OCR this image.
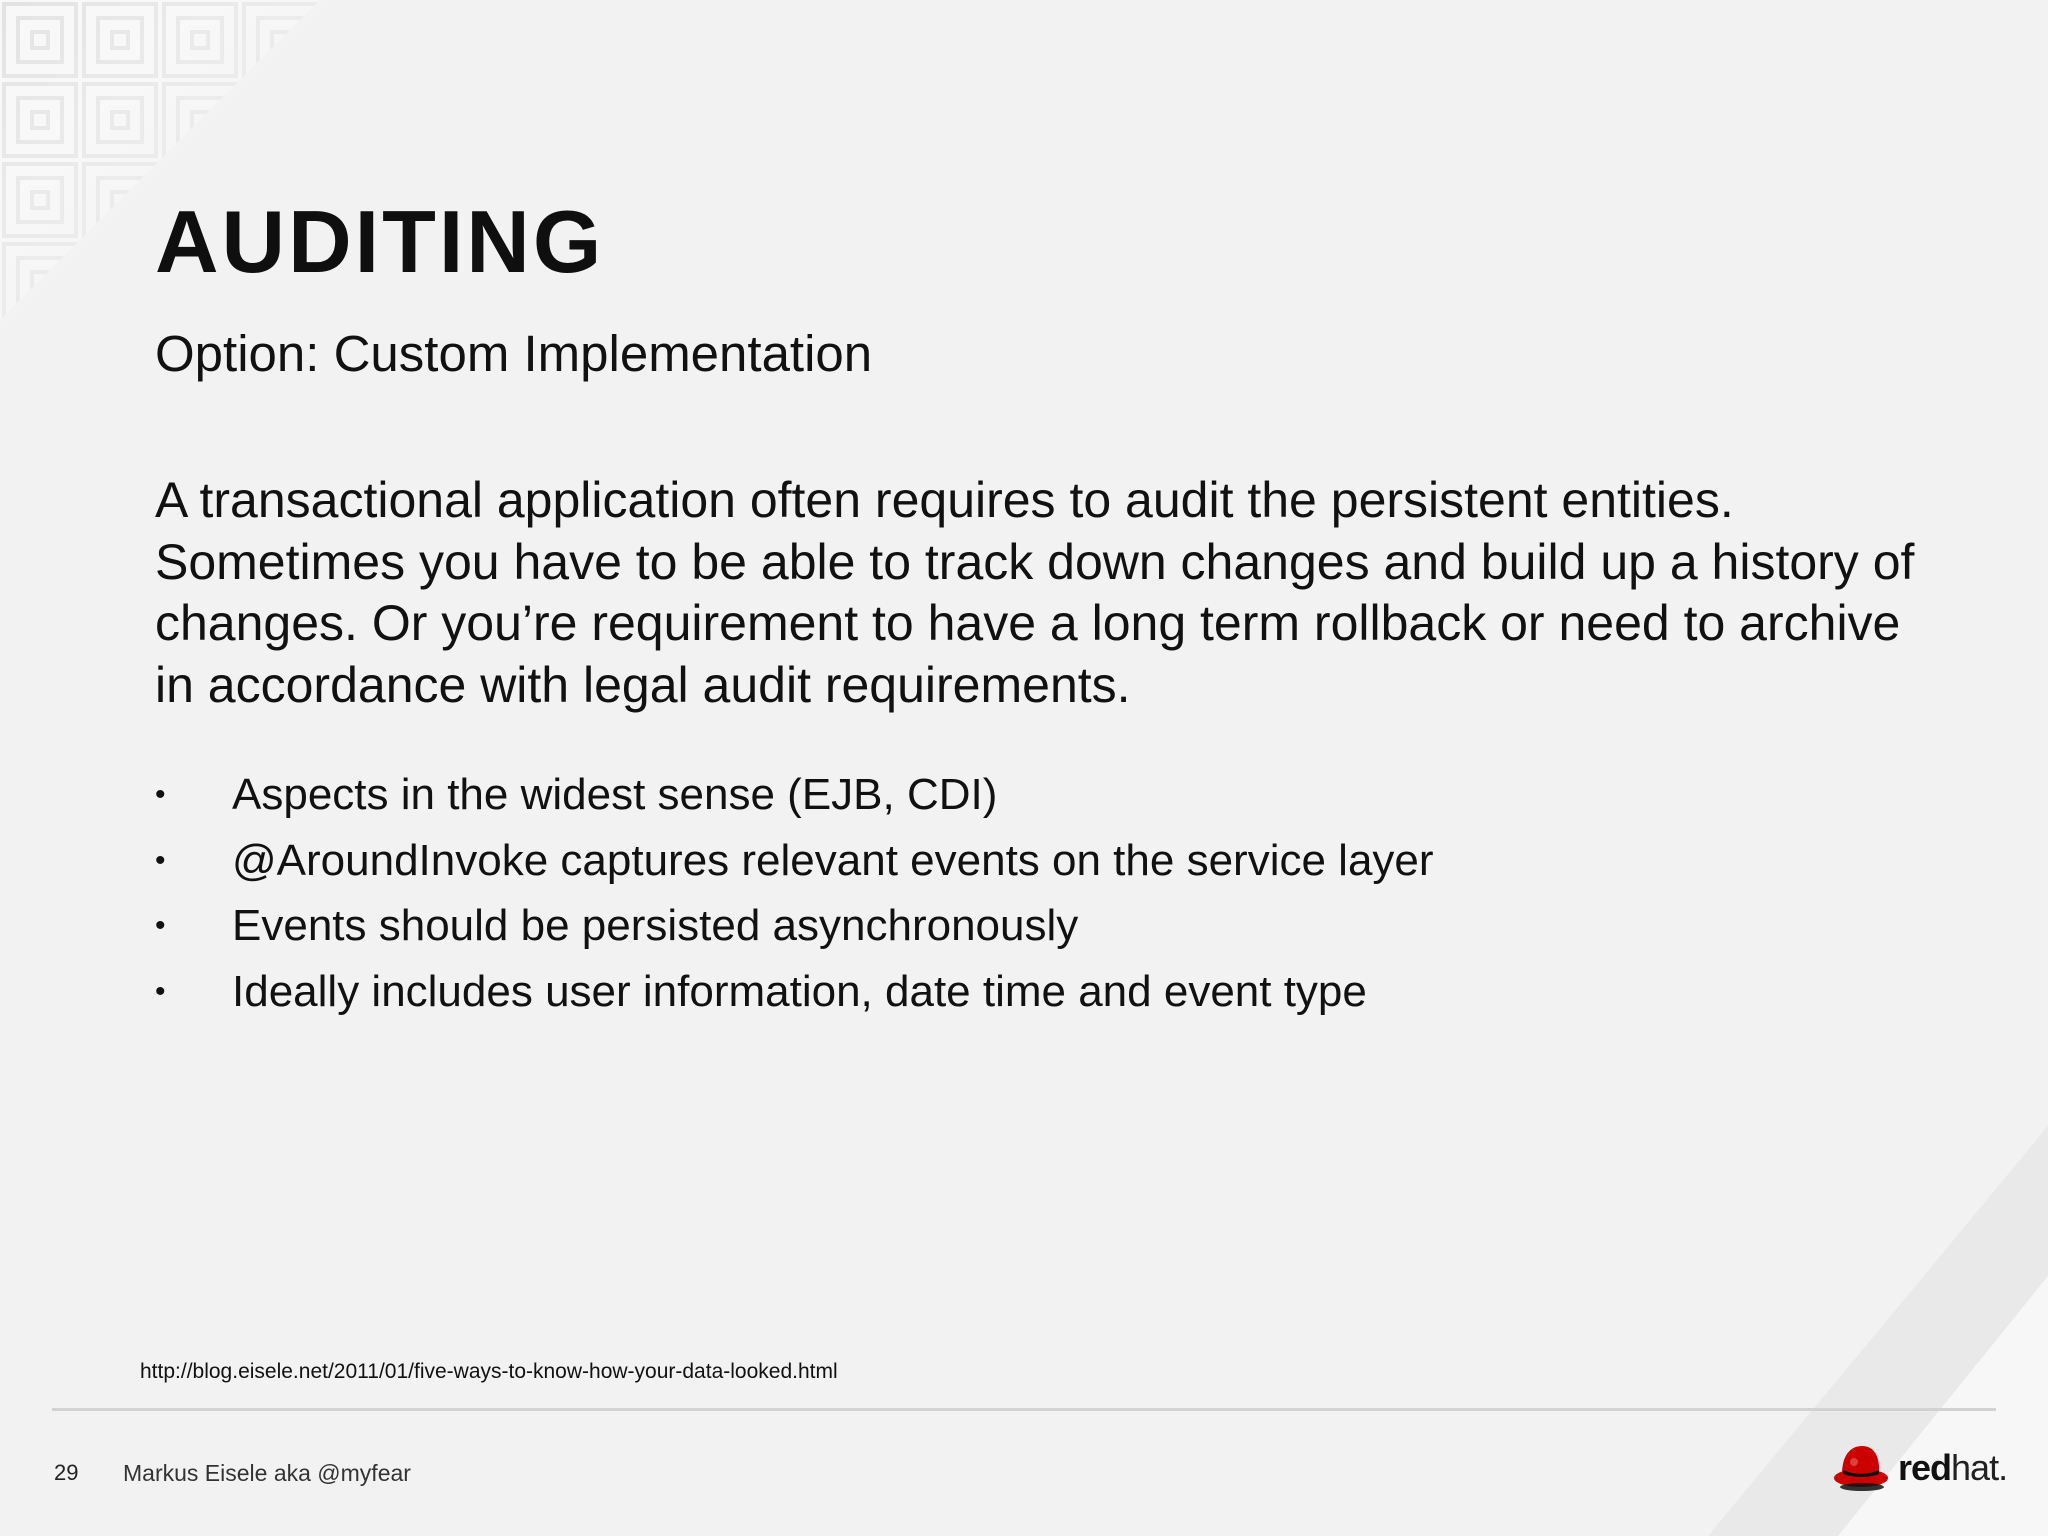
AUDITING
Option: Custom Implementation

A transactional application often requires to audit the persistent entities. Sometimes you have to be able to track down changes and build up a history of changes. Or you’re requirement to have a long term rollback or need to archive in accordance with legal audit requirements.

• Aspects in the widest sense (EJB, CDI)
• @AroundInvoke captures relevant events on the service layer
• Events should be persisted asynchronously
• Ideally includes user information, date time and event type
http://blog.eisele.net/2011/01/five-ways-to-know-how-your-data-looked.html
29 Markus Eisele aka @myfear	redhat.
